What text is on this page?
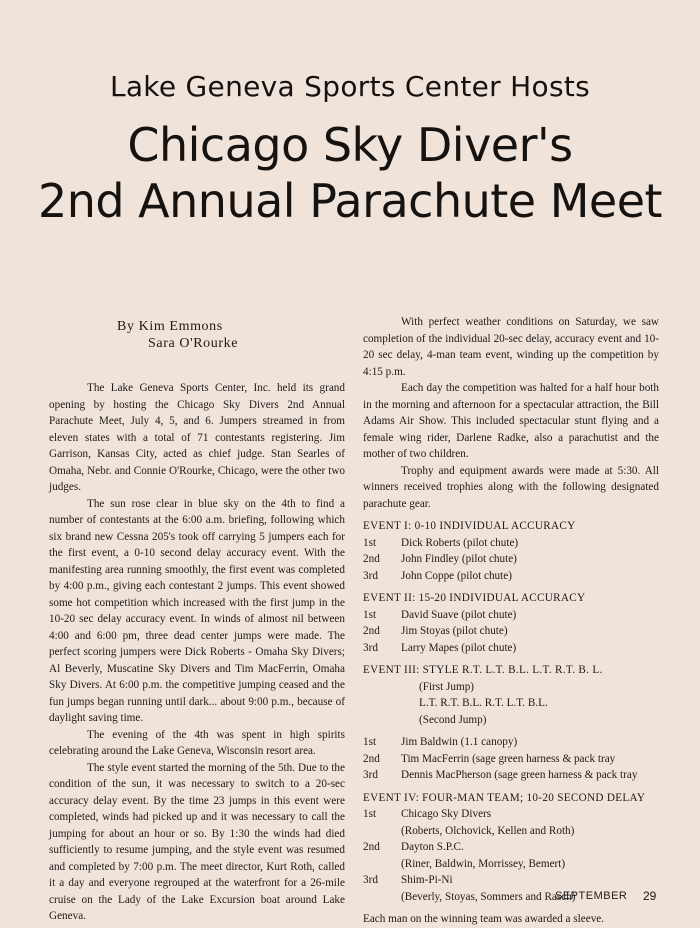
Lake Geneva Sports Center Hosts
Chicago Sky Diver's
2nd Annual Parachute Meet
By Kim Emmons
Sara O'Rourke

The Lake Geneva Sports Center, Inc. held its grand opening by hosting the Chicago Sky Divers 2nd Annual Parachute Meet, July 4, 5, and 6. Jumpers streamed in from eleven states with a total of 71 contestants registering. Jim Garrison, Kansas City, acted as chief judge. Stan Searles of Omaha, Nebr. and Connie O'Rourke, Chicago, were the other two judges.

The sun rose clear in blue sky on the 4th to find a number of contestants at the 6:00 a.m. briefing, following which six brand new Cessna 205's took off carrying 5 jumpers each for the first event, a 0-10 second delay accuracy event. With the manifesting area running smoothly, the first event was completed by 4:00 p.m., giving each contestant 2 jumps. This event showed some hot competition which increased with the first jump in the 10-20 sec delay accuracy event. In winds of almost nil between 4:00 and 6:00 pm, three dead center jumps were made. The perfect scoring jumpers were Dick Roberts - Omaha Sky Divers; Al Beverly, Muscatine Sky Divers and Tim MacFerrin, Omaha Sky Divers. At 6:00 p.m. the competitive jumping ceased and the fun jumps began running until dark... about 9:00 p.m., because of daylight saving time.

The evening of the 4th was spent in high spirits celebrating around the Lake Geneva, Wisconsin resort area.

The style event started the morning of the 5th. Due to the condition of the sun, it was necessary to switch to a 20-sec accuracy delay event. By the time 23 jumps in this event were completed, winds had picked up and it was necessary to call the jumping for about an hour or so. By 1:30 the winds had died sufficiently to resume jumping, and the style event was resumed and completed by 7:00 p.m. The meet director, Kurt Roth, called it a day and everyone regrouped at the waterfront for a 26-mile cruise on the Lady of the Lake Excursion boat around Lake Geneva.

With perfect weather conditions on Saturday, we saw completion of the individual 20-sec delay, accuracy event and 10-20 sec delay, 4-man team event, winding up the competition by 4:15 p.m.

Each day the competition was halted for a half hour both in the morning and afternoon for a spectacular attraction, the Bill Adams Air Show. This included spectacular stunt flying and a female wing rider, Darlene Radke, also a parachutist and the mother of two children.

Trophy and equipment awards were made at 5:30. All winners received trophies along with the following designated parachute gear.

EVENT I: 0-10 INDIVIDUAL ACCURACY
1st	Dick Roberts (pilot chute)
2nd	John Findley (pilot chute)
3rd	John Coppe (pilot chute)
EVENT II: 15-20 INDIVIDUAL ACCURACY
1st	David Suave (pilot chute)
2nd	Jim Stoyas (pilot chute)
3rd	Larry Mapes (pilot chute)
EVENT III: STYLE R.T. L.T. B.L. L.T. R.T. B. L.
(First Jump)
L.T. R.T. B.L. R.T. L.T. B.L.
(Second Jump)
1st	Jim Baldwin (1.1 canopy)
2nd	Tim MacFerrin (sage green harness & pack tray
3rd	Dennis MacPherson (sage green harness & pack tray
EVENT IV: FOUR-MAN TEAM; 10-20 SECOND DELAY
1st	Chicago Sky Divers
(Roberts, Olchovick, Kellen and Roth)
2nd	Dayton S.P.C.
(Riner, Baldwin, Morrissey, Bemert)
3rd	Shim-Pi-Ni
(Beverly, Stoyas, Sommers and Rasch)
Each man on the winning team was awarded a sleeve.
SEPTEMBER 29
